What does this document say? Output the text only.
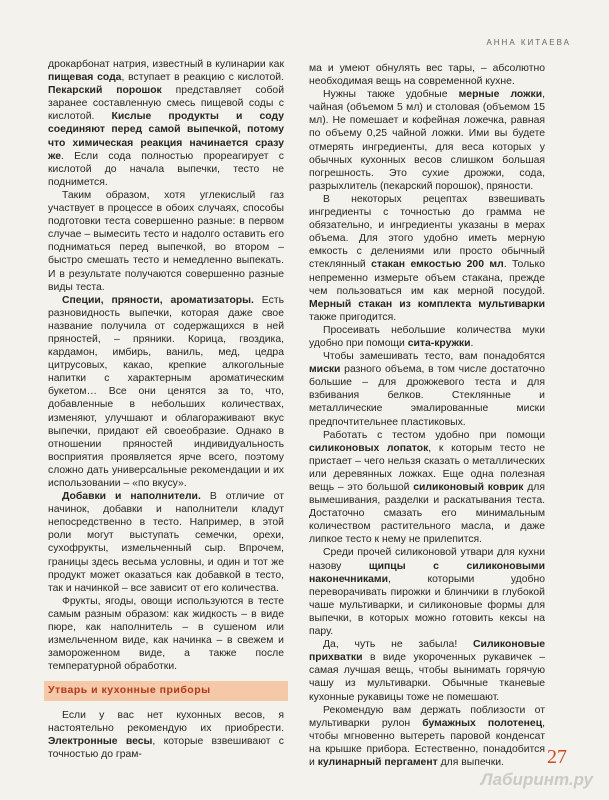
АННА КИТАЕВА

дрокарбонат натрия, известный в кулинарии как пищевая сода, вступает в реакцию с кислотой. Пекарский порошок представляет собой заранее составленную смесь пищевой соды с кислотой. Кислые продукты и соду соединяют перед самой выпечкой, потому что химическая реакция начинается сразу же. Если сода полностью прореагирует с кислотой до начала выпечки, тесто не поднимется.

Таким образом, хотя углекислый газ участвует в процессе в обоих случаях, способы подготовки теста совершенно разные: в первом случае – вымесить тесто и надолго оставить его подниматься перед выпечкой, во втором – быстро смешать тесто и немедленно выпекать. И в результате получаются совершенно разные виды теста.

Специи, пряности, ароматизаторы. Есть разновидность выпечки, которая даже свое название получила от содержащихся в ней пряностей, – пряники. Корица, гвоздика, кардамон, имбирь, ваниль, мед, цедра цитрусовых, какао, крепкие алкогольные напитки с характерным ароматическим букетом… Все они ценятся за то, что, добавленные в небольших количествах, изменяют, улучшают и облагораживают вкус выпечки, придают ей своеобразие. Однако в отношении пряностей индивидуальность восприятия проявляется ярче всего, поэтому сложно дать универсальные рекомендации и их использовании – «по вкусу».

Добавки и наполнители. В отличие от начинок, добавки и наполнители кладут непосредственно в тесто. Например, в этой роли могут выступать семечки, орехи, сухофрукты, измельченный сыр. Впрочем, границы здесь весьма условны, и один и тот же продукт может оказаться как добавкой в тесто, так и начинкой – все зависит от его количества.

Фрукты, ягоды, овощи используются в тесте самым разным образом: как жидкость – в виде пюре, как наполнитель – в сушеном или измельченном виде, как начинка – в свежем и замороженном виде, а также после температурной обработки.

Утварь и кухонные приборы

Если у вас нет кухонных весов, я настоятельно рекомендую их приобрести. Электронные весы, которые взвешивают с точностью до грам-

ма и умеют обнулять вес тары, – абсолютно необходимая вещь на современной кухне.

Нужны также удобные мерные ложки, чайная (объемом 5 мл) и столовая (объемом 15 мл). Не помешает и кофейная ложечка, равная по объему 0,25 чайной ложки. Ими вы будете отмерять ингредиенты, для веса которых у обычных кухонных весов слишком большая погрешность. Это сухие дрожжи, сода, разрыхлитель (пекарский порошок), пряности.

В некоторых рецептах взвешивать ингредиенты с точностью до грамма не обязательно, и ингредиенты указаны в мерах объема. Для этого удобно иметь мерную емкость с делениями или просто обычный стеклянный стакан емкостью 200 мл. Только непременно измерьте объем стакана, прежде чем пользоваться им как мерной посудой. Мерный стакан из комплекта мультиварки также пригодится.

Просеивать небольшие количества муки удобно при помощи сита-кружки.

Чтобы замешивать тесто, вам понадобятся миски разного объема, в том числе достаточно большие – для дрожжевого теста и для взбивания белков. Стеклянные и металлические эмалированные миски предпочтительнее пластиковых.

Работать с тестом удобно при помощи силиконовых лопаток, к которым тесто не пристает – чего нельзя сказать о металлических или деревянных ложках. Еще одна полезная вещь – это большой силиконовый коврик для вымешивания, разделки и раскатывания теста. Достаточно смазать его минимальным количеством растительного масла, и даже липкое тесто к нему не прилепится.

Среди прочей силиконовой утвари для кухни назову щипцы с силиконовыми наконечниками, которыми удобно переворачивать пирожки и блинчики в глубокой чаше мультиварки, и силиконовые формы для выпечки, в которых можно готовить кексы на пару.

Да, чуть не забыла! Силиконовые прихватки в виде укороченных рукавичек – самая лучшая вещь, чтобы вынимать горячую чашу из мультиварки. Обычные тканевые кухонные рукавицы тоже не помешают.

Рекомендую вам держать поблизости от мультиварки рулон бумажных полотенец, чтобы мгновенно вытереть паровой конденсат на крышке прибора. Естественно, понадобится и кулинарный пергамент для выпечки.	27
Лабиринт.ру
